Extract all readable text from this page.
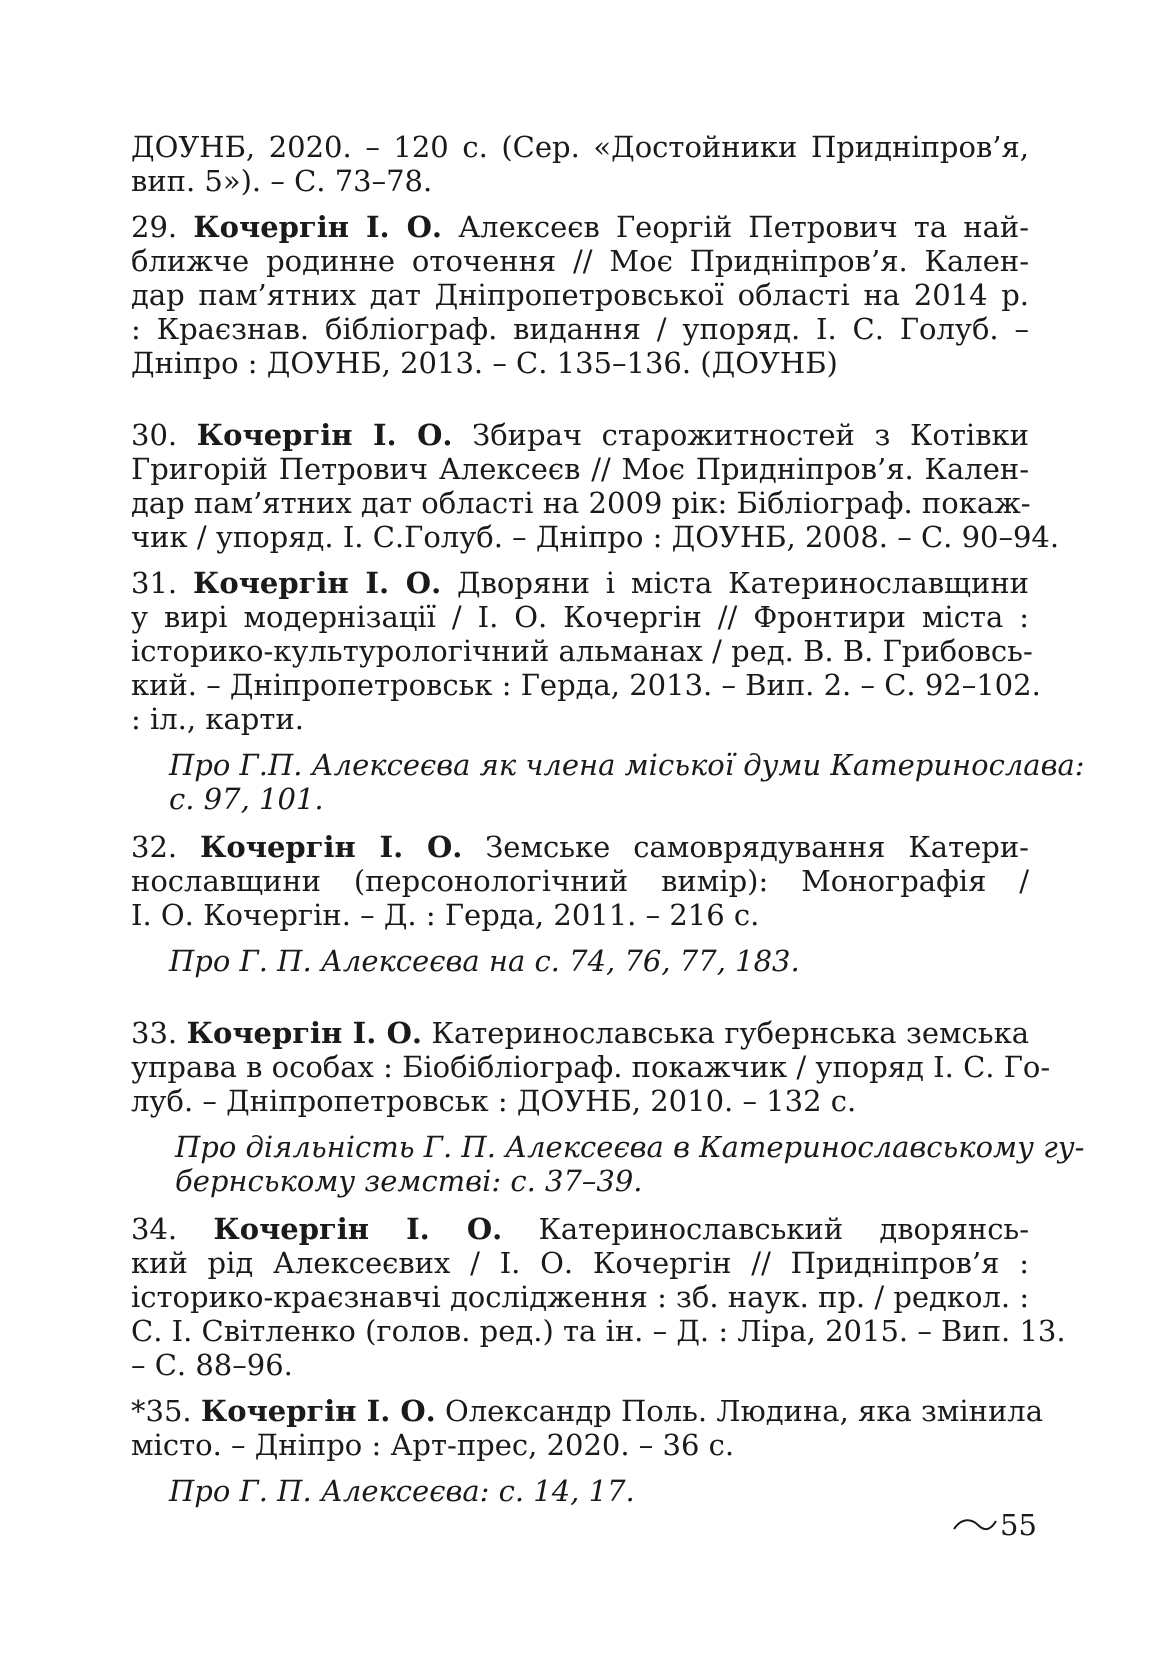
ДОУНБ, 2020. – 120 с. (Сер. «Достойники Придніпров’я,
вип. 5»). – С. 73–78.
29. Кочергін І. О. Алексеєв Георгій Петрович та най-
ближче родинне оточення // Моє Придніпров’я. Кален-
дар пам’ятних дат Дніпропетровської області на 2014 р.
: Краєзнав. бібліограф. видання / упоряд. І. С. Голуб. –
Дніпро : ДОУНБ, 2013. – С. 135–136. (ДОУНБ)
30. Кочергін І. О. Збирач старожитностей з Котівки
Григорій Петрович Алексеєв // Моє Придніпров’я. Кален-
дар пам’ятних дат області на 2009 рік: Бібліограф. покаж-
чик / упоряд. І. С.Голуб. – Дніпро : ДОУНБ, 2008. – С. 90–94.
31. Кочергін І. О. Дворяни і міста Катеринославщини
у вирі модернізації / І. О. Кочергін // Фронтири міста :
історико-культурологічний альманах / ред. В. В. Грибовсь-
кий. – Дніпропетровськ : Герда, 2013. – Вип. 2. – С. 92–102.
: іл., карти.
Про Г.П. Алексеєва як члена міської думи Катеринослава:
с. 97, 101.
32. Кочергін І. О. Земське самоврядування Катери-
нославщини (персонологічний вимір): Монографія /
І. О. Кочергін. – Д. : Герда, 2011. – 216 с.
Про Г. П. Алексеєва на с. 74, 76, 77, 183.
33. Кочергін І. О. Катеринославська губернська земська
управа в особах : Біобібліограф. покажчик / упоряд І. С. Го-
луб. – Дніпропетровськ : ДОУНБ, 2010. – 132 с.
Про діяльність Г. П. Алексеєва в Катеринославському гу-
бернському земстві: с. 37–39.
34. Кочергін І. О. Катеринославський дворянсь-
кий рід Алексеєвих / І. О. Кочергін // Придніпров’я :
історико-краєзнавчі дослідження : зб. наук. пр. / редкол. :
С. І. Світленко (голов. ред.) та ін. – Д. : Ліра, 2015. – Вип. 13.
– С. 88–96.
*35. Кочергін І. О. Олександр Поль. Людина, яка змінила
місто. – Дніпро : Арт-прес, 2020. – 36 с.
Про Г. П. Алексеєва: с. 14, 17.
55
